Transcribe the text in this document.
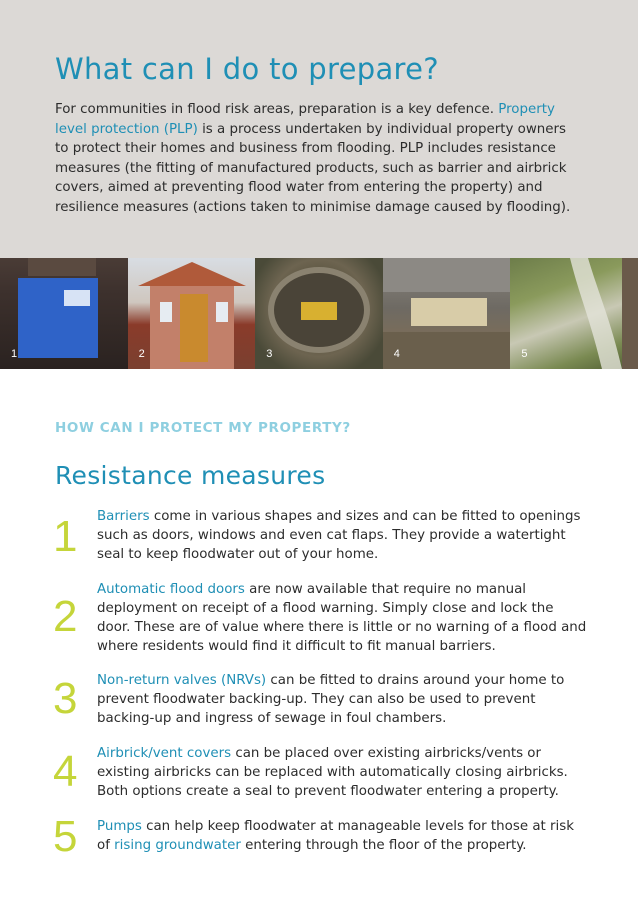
What can I do to prepare?

For communities in flood risk areas, preparation is a key defence. Property level protection (PLP) is a process undertaken by individual property owners to protect their homes and business from flooding. PLP includes resistance measures (the fitting of manufactured products, such as barrier and airbrick covers, aimed at preventing flood water from entering the property) and resilience measures (actions taken to minimise damage caused by flooding).

1	2	3	4	5
HOW CAN I PROTECT MY PROPERTY?
Resistance measures
1 Barriers come in various shapes and sizes and can be fitted to openings such as doors, windows and even cat flaps. They provide a watertight seal to keep floodwater out of your home.

2

Automatic flood doors are now available that require no manual deployment on receipt of a flood warning. Simply close and lock the door. These are of value where there is little or no warning of a flood and where residents would find it difficult to fit manual barriers.

3 Non-return valves (NRVs) can be fitted to drains around your home to prevent floodwater backing-up. They can also be used to prevent backing-up and ingress of sewage in foul chambers.

4 Airbrick/vent covers can be placed over existing airbricks/vents or existing airbricks can be replaced with automatically closing airbricks. Both options create a seal to prevent floodwater entering a property.

5 Pumps can help keep floodwater at manageable levels for those at risk of rising groundwater entering through the floor of the property.
